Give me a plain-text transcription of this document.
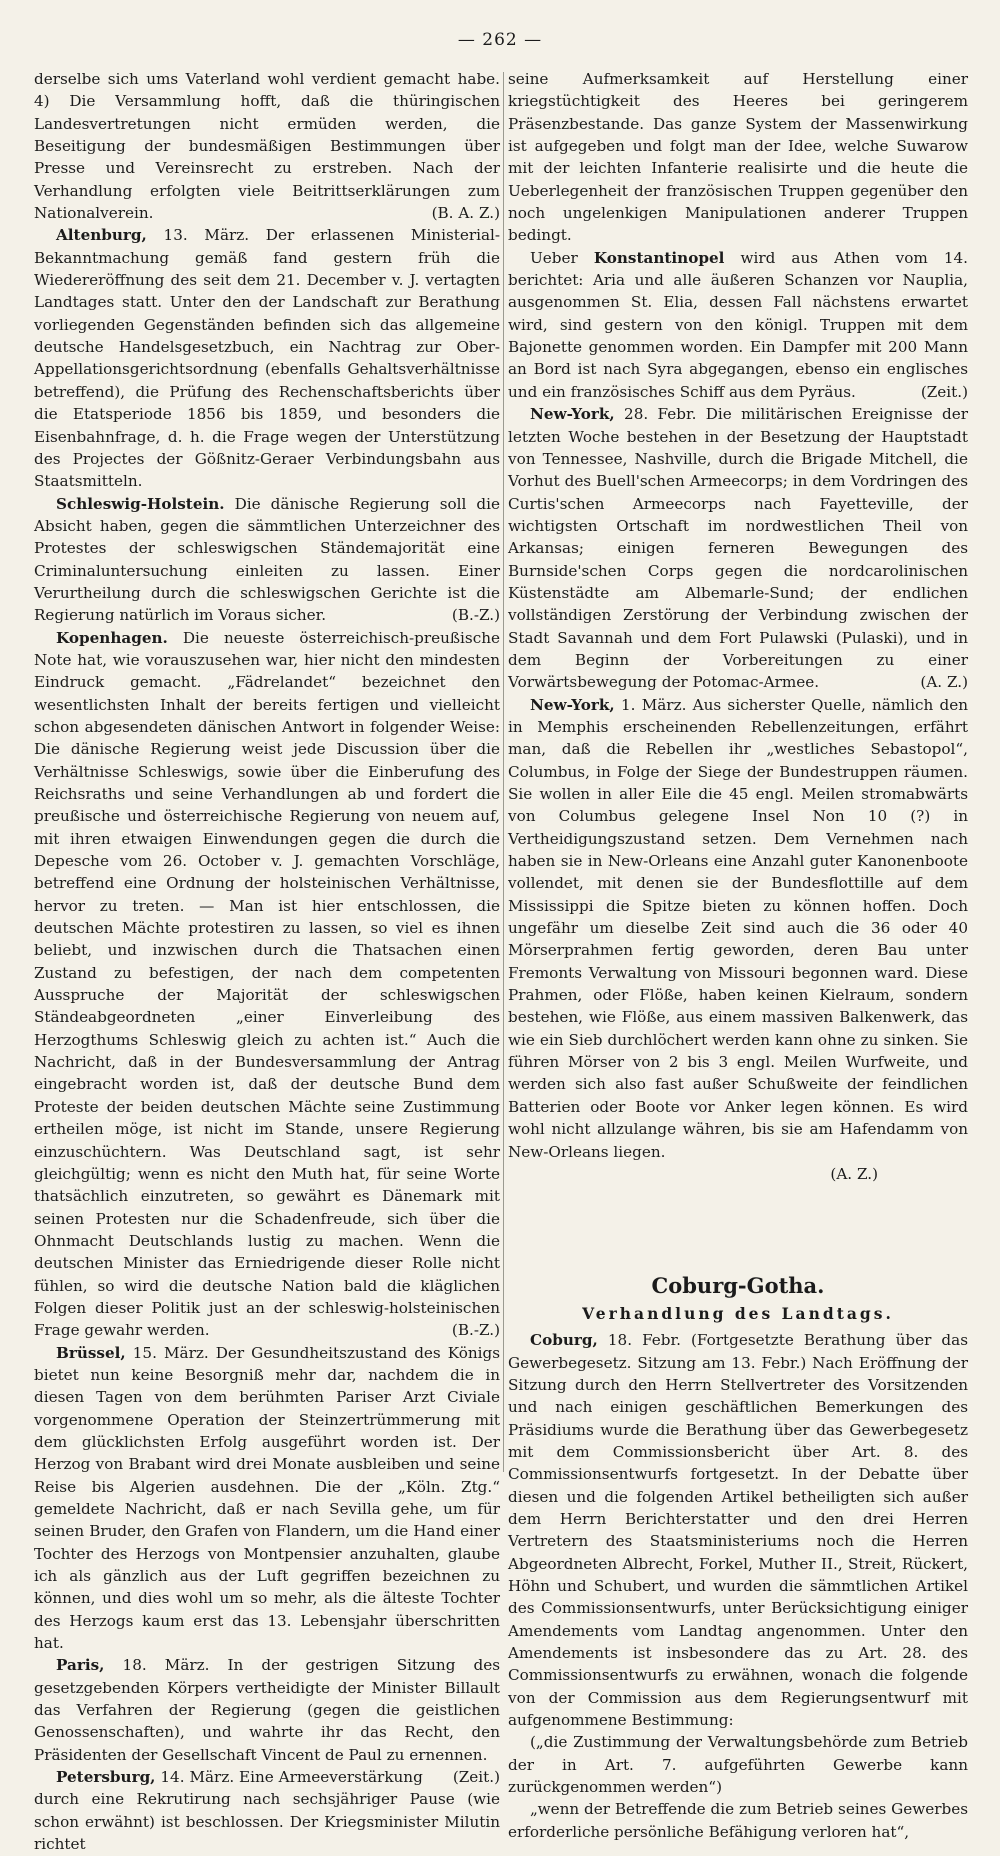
— 262 —

derselbe sich ums Vaterland wohl verdient gemacht habe. 4) Die Versammlung hofft, daß die thüringischen Landesvertretungen nicht ermüden werden, die Beseitigung der bundesmäßigen Bestimmungen über Presse und Vereinsrecht zu erstreben. Nach der Verhandlung erfolgten viele Beitrittserklärungen zum Nationalverein.	(B. A. Z.)

Altenburg, 13. März. Der erlassenen Ministerial-Bekanntmachung gemäß fand gestern früh die Wiedereröffnung des seit dem 21. December v. J. vertagten Landtages statt. Unter den der Landschaft zur Berathung vorliegenden Gegenständen befinden sich das allgemeine deutsche Handelsgesetzbuch, ein Nachtrag zur Ober-Appellationsgerichtsordnung (ebenfalls Gehaltsverhältnisse betreffend), die Prüfung des Rechenschaftsberichts über die Etatsperiode 1856 bis 1859, und besonders die Eisenbahnfrage, d. h. die Frage wegen der Unterstützung des Projectes der Gößnitz-Geraer Verbindungsbahn aus Staatsmitteln.

Schleswig-Holstein. Die dänische Regierung soll die Absicht haben, gegen die sämmtlichen Unterzeichner des Protestes der schleswigschen Ständemajorität eine Criminaluntersuchung einleiten zu lassen. Einer Verurtheilung durch die schleswigschen Gerichte ist die Regierung natürlich im Voraus sicher.	(B.-Z.)

Kopenhagen. Die neueste österreichisch-preußische Note hat, wie vorauszusehen war, hier nicht den mindesten Eindruck gemacht. „Fädrelandet“ bezeichnet den wesentlichsten Inhalt der bereits fertigen und vielleicht schon abgesendeten dänischen Antwort in folgender Weise: Die dänische Regierung weist jede Discussion über die Verhältnisse Schleswigs, sowie über die Einberufung des Reichsraths und seine Verhandlungen ab und fordert die preußische und österreichische Regierung von neuem auf, mit ihren etwaigen Einwendungen gegen die durch die Depesche vom 26. October v. J. gemachten Vorschläge, betreffend eine Ordnung der holsteinischen Verhältnisse, hervor zu treten. — Man ist hier entschlossen, die deutschen Mächte protestiren zu lassen, so viel es ihnen beliebt, und inzwischen durch die Thatsachen einen Zustand zu befestigen, der nach dem competenten Ausspruche der Majorität der schleswigschen Ständeabgeordneten „einer Einverleibung des Herzogthums Schleswig gleich zu achten ist.“ Auch die Nachricht, daß in der Bundesversammlung der Antrag eingebracht worden ist, daß der deutsche Bund dem Proteste der beiden deutschen Mächte seine Zustimmung ertheilen möge, ist nicht im Stande, unsere Regierung einzuschüchtern. Was Deutschland sagt, ist sehr gleichgültig; wenn es nicht den Muth hat, für seine Worte thatsächlich einzutreten, so gewährt es Dänemark mit seinen Protesten nur die Schadenfreude, sich über die Ohnmacht Deutschlands lustig zu machen. Wenn die deutschen Minister das Erniedrigende dieser Rolle nicht fühlen, so wird die deutsche Nation bald die kläglichen Folgen dieser Politik just an der schleswig-holsteinischen Frage gewahr werden.	(B.-Z.)

Brüssel, 15. März. Der Gesundheitszustand des Königs bietet nun keine Besorgniß mehr dar, nachdem die in diesen Tagen von dem berühmten Pariser Arzt Civiale vorgenommene Operation der Steinzertrümmerung mit dem glücklichsten Erfolg ausgeführt worden ist. Der Herzog von Brabant wird drei Monate ausbleiben und seine Reise bis Algerien ausdehnen. Die der „Köln. Ztg.“ gemeldete Nachricht, daß er nach Sevilla gehe, um für seinen Bruder, den Grafen von Flandern, um die Hand einer Tochter des Herzogs von Montpensier anzuhalten, glaube ich als gänzlich aus der Luft gegriffen bezeichnen zu können, und dies wohl um so mehr, als die älteste Tochter des Herzogs kaum erst das 13. Lebensjahr überschritten hat.

Paris, 18. März. In der gestrigen Sitzung des gesetzgebenden Körpers vertheidigte der Minister Billault das Verfahren der Regierung (gegen die geistlichen Genossenschaften), und wahrte ihr das Recht, den Präsidenten der Gesellschaft Vincent de Paul zu ernennen.
(Zeit.)

Petersburg, 14. März. Eine Armeeverstärkung durch eine Rekrutirung nach sechsjähriger Pause (wie schon erwähnt) ist beschlossen. Der Kriegsminister Milutin richtet

seine Aufmerksamkeit auf Herstellung einer kriegstüchtigkeit des Heeres bei geringerem Präsenzbestande. Das ganze System der Massenwirkung ist aufgegeben und folgt man der Idee, welche Suwarow mit der leichten Infanterie realisirte und die heute die Ueberlegenheit der französischen Truppen gegenüber den noch ungelenkigen Manipulationen anderer Truppen bedingt.

Ueber Konstantinopel wird aus Athen vom 14. berichtet: Aria und alle äußeren Schanzen vor Nauplia, ausgenommen St. Elia, dessen Fall nächstens erwartet wird, sind gestern von den königl. Truppen mit dem Bajonette genommen worden. Ein Dampfer mit 200 Mann an Bord ist nach Syra abgegangen, ebenso ein englisches und ein französisches Schiff aus dem Pyräus.	(Zeit.)

New-York, 28. Febr. Die militärischen Ereignisse der letzten Woche bestehen in der Besetzung der Hauptstadt von Tennessee, Nashville, durch die Brigade Mitchell, die Vorhut des Buell'schen Armeecorps; in dem Vordringen des Curtis'schen Armeecorps nach Fayetteville, der wichtigsten Ortschaft im nordwestlichen Theil von Arkansas; einigen ferneren Bewegungen des Burnside'schen Corps gegen die nordcarolinischen Küstenstädte am Albemarle-Sund; der endlichen vollständigen Zerstörung der Verbindung zwischen der Stadt Savannah und dem Fort Pulawski (Pulaski), und in dem Beginn der Vorbereitungen zu einer Vorwärtsbewegung der Potomac-Armee.	(A. Z.)

New-York, 1. März. Aus sicherster Quelle, nämlich den in Memphis erscheinenden Rebellenzeitungen, erfährt man, daß die Rebellen ihr „westliches Sebastopol“, Columbus, in Folge der Siege der Bundestruppen räumen. Sie wollen in aller Eile die 45 engl. Meilen stromabwärts von Columbus gelegene Insel Non 10 (?) in Vertheidigungszustand setzen. Dem Vernehmen nach haben sie in New-Orleans eine Anzahl guter Kanonenboote vollendet, mit denen sie der Bundesflottille auf dem Mississippi die Spitze bieten zu können hoffen. Doch ungefähr um dieselbe Zeit sind auch die 36 oder 40 Mörserprahmen fertig geworden, deren Bau unter Fremonts Verwaltung von Missouri begonnen ward. Diese Prahmen, oder Flöße, haben keinen Kielraum, sondern bestehen, wie Flöße, aus einem massiven Balkenwerk, das wie ein Sieb durchlöchert werden kann ohne zu sinken. Sie führen Mörser von 2 bis 3 engl. Meilen Wurfweite, und werden sich also fast außer Schußweite der feindlichen Batterien oder Boote vor Anker legen können. Es wird wohl nicht allzulange währen, bis sie am Hafendamm von New-Orleans liegen.

(A. Z.)

Coburg-Gotha.
Verhandlung des Landtags.

Coburg, 18. Febr. (Fortgesetzte Berathung über das Gewerbegesetz. Sitzung am 13. Febr.) Nach Eröffnung der Sitzung durch den Herrn Stellvertreter des Vorsitzenden und nach einigen geschäftlichen Bemerkungen des Präsidiums wurde die Berathung über das Gewerbegesetz mit dem Commissionsbericht über Art. 8. des Commissionsentwurfs fortgesetzt. In der Debatte über diesen und die folgenden Artikel betheiligten sich außer dem Herrn Berichterstatter und den drei Herren Vertretern des Staatsministeriums noch die Herren Abgeordneten Albrecht, Forkel, Muther II., Streit, Rückert, Höhn und Schubert, und wurden die sämmtlichen Artikel des Commissionsentwurfs, unter Berücksichtigung einiger Amendements vom Landtag angenommen. Unter den Amendements ist insbesondere das zu Art. 28. des Commissionsentwurfs zu erwähnen, wonach die folgende von der Commission aus dem Regierungsentwurf mit aufgenommene Bestimmung:

(„die Zustimmung der Verwaltungsbehörde zum Betrieb der in Art. 7. aufgeführten Gewerbe kann zurückgenommen werden“)

„wenn der Betreffende die zum Betrieb seines Gewerbes erforderliche persönliche Befähigung verloren hat“,
